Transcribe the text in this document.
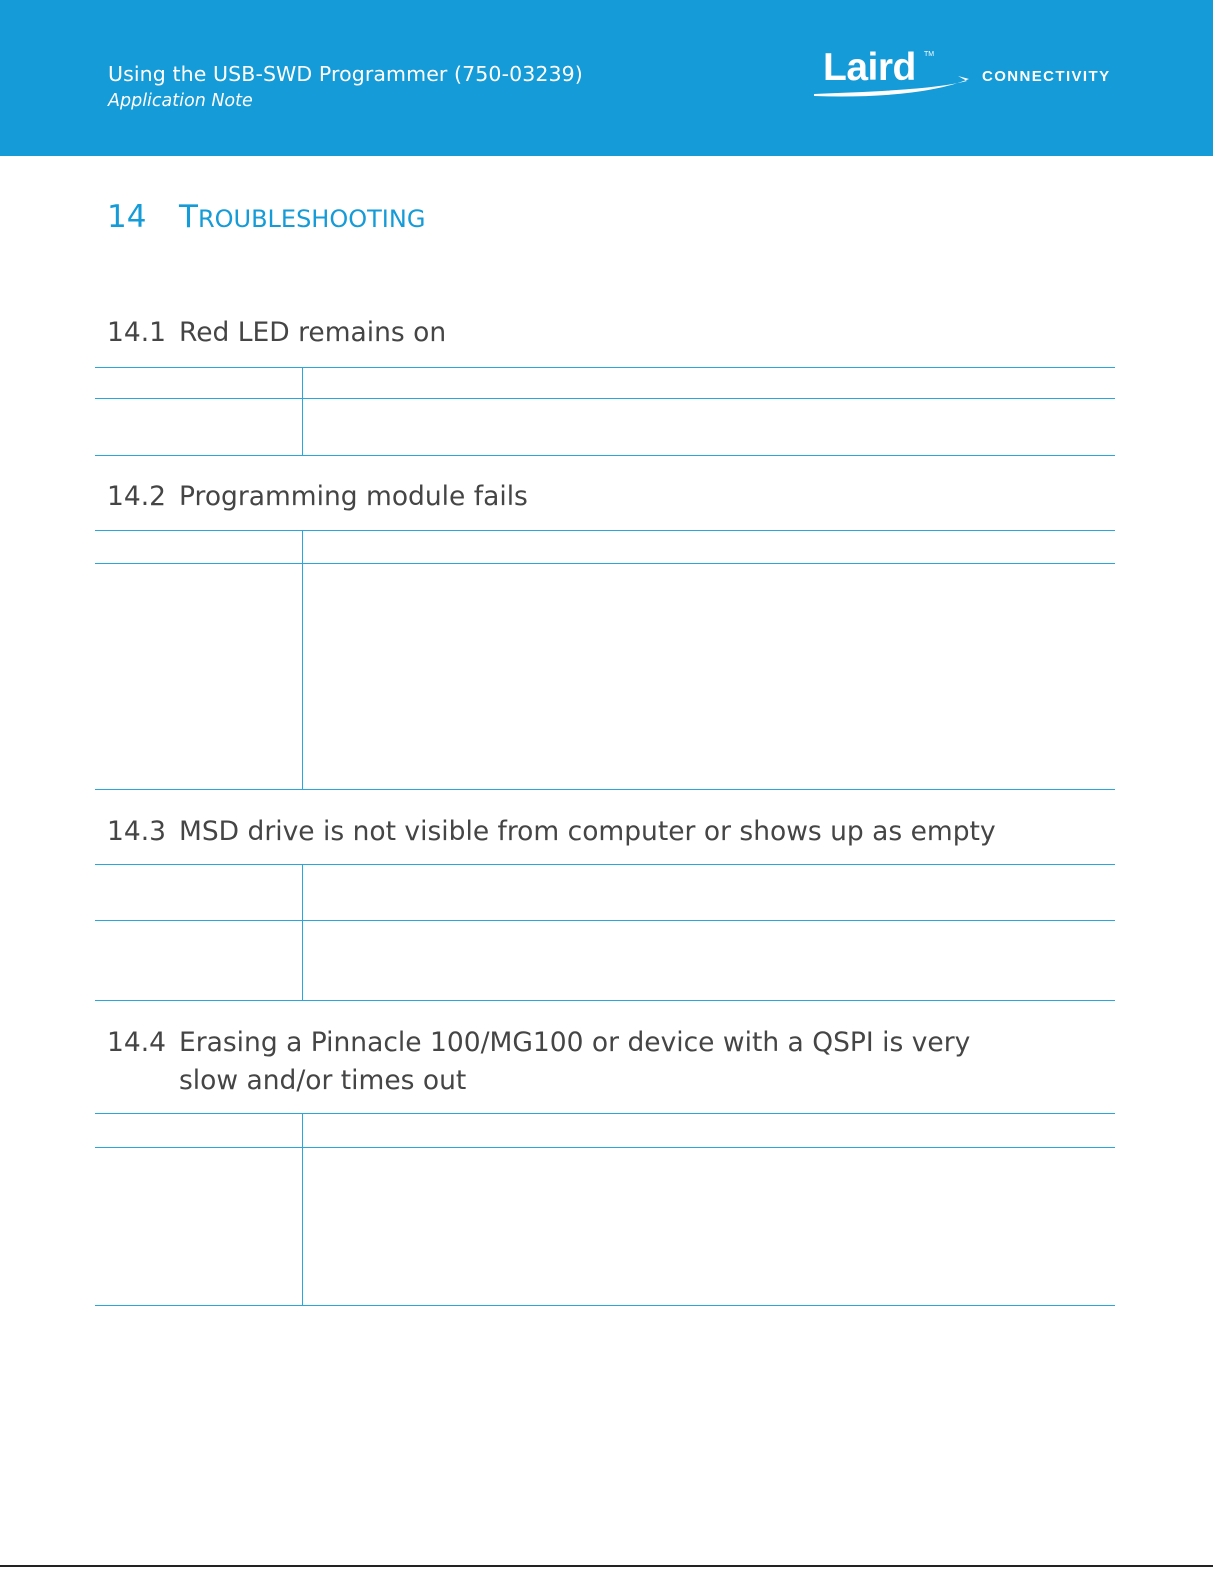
Using the USB-SWD Programmer (750-03239)
Application Note
Laird TM
CONNECTIVITY
14 TROUBLESHOOTING
14.1 Red LED remains on
14.2 Programming module fails
14.3 MSD drive is not visible from computer or shows up as empty
14.4 Erasing a Pinnacle 100/MG100 or device with a QSPI is very
slow and/or times out
